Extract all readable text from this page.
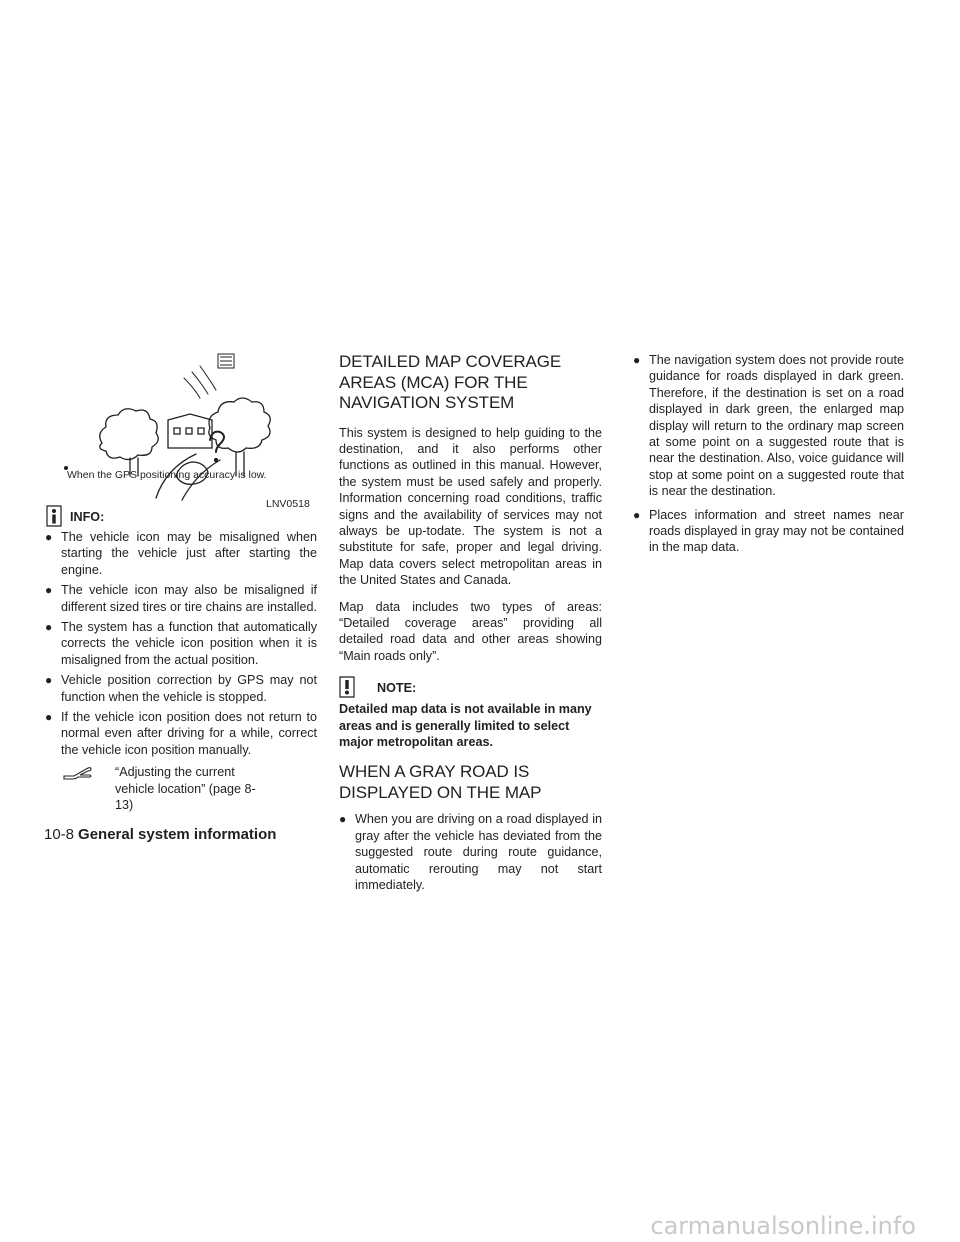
When the GPS positioning accuracy is low.
LNV0518
INFO:
● The vehicle icon may be misaligned when starting the vehicle just after starting the engine.

● The vehicle icon may also be misaligned if different sized tires or tire chains are installed.

● The system has a function that automatically corrects the vehicle icon position when it is misaligned from the actual position.

● Vehicle position correction by GPS may not function when the vehicle is stopped.

● If the vehicle icon position does not return to normal even after driving for a while, correct the vehicle icon position manually.

“Adjusting the current vehicle location” (page 8-13)

DETAILED MAP COVERAGE AREAS (MCA) FOR THE NAVIGATION SYSTEM

This system is designed to help guiding to the destination, and it also performs other functions as outlined in this manual. However, the system must be used safely and properly. Information concerning road conditions, traffic signs and the availability of services may not always be up-todate. The system is not a substitute for safe, proper and legal driving. Map data covers select metropolitan areas in the United States and Canada.

Map data includes two types of areas: “Detailed coverage areas” providing all detailed road data and other areas showing “Main roads only”.

NOTE:

Detailed map data is not available in many areas and is generally limited to select major metropolitan areas.

WHEN A GRAY ROAD IS DISPLAYED ON THE MAP
● When you are driving on a road displayed in gray after the vehicle has deviated from the suggested route during route guidance, automatic rerouting may not start immediately.

● The navigation system does not provide route guidance for roads displayed in dark green. Therefore, if the destination is set on a road displayed in dark green, the enlarged map display will return to the ordinary map screen at some point on a suggested route that is near the destination. Also, voice guidance will stop at some point on a suggested route that is near the destination.

● Places information and street names near roads displayed in gray may not be contained in the map data.

10-8 General system information
carmanualsonline.info
